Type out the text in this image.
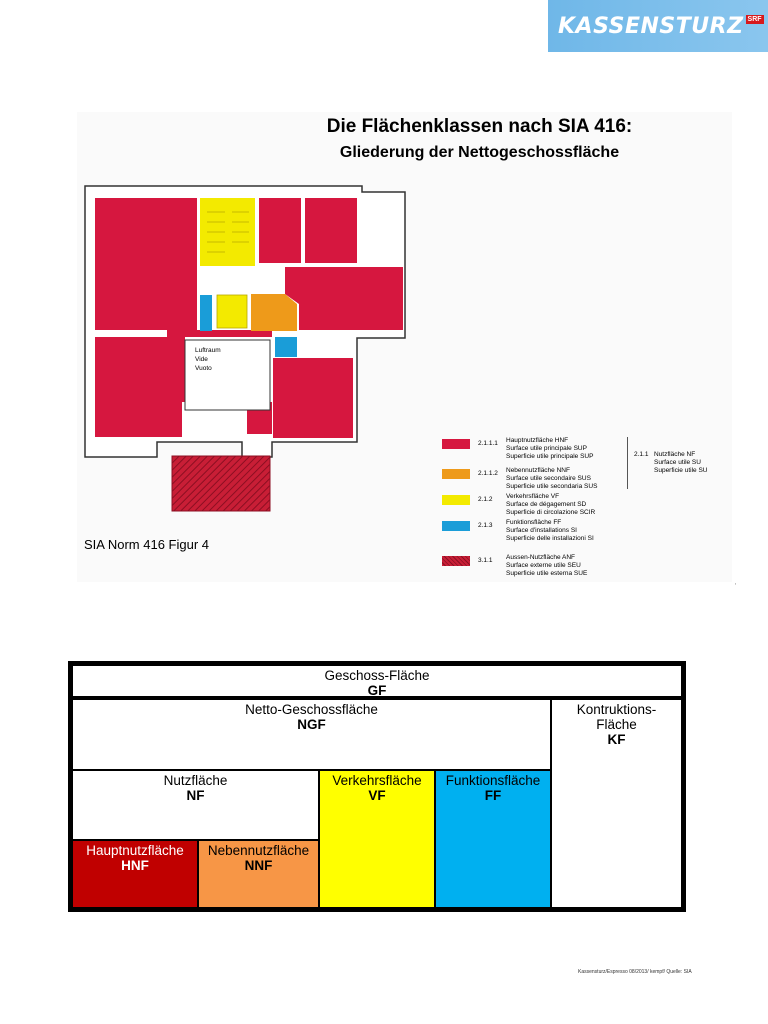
KASSENSTURZ SRF
Die Flächenklassen nach SIA 416:
Gliederung der Nettogeschossfläche
Luftraum
Vide
Vuoto
SIA Norm 416 Figur 4
2.1.1.1	Hauptnutzfläche HNF
Surface utile principale SUP
Superficie utile principale SUP
2.1.1.2	Nebennutzfläche NNF
Surface utile secondaire SUS
Superficie utile secondaria SUS
2.1.2	Verkehrsfläche VF
Surface de dégagement SD
Superficie di circolazione SCIR
2.1.3	Funktionsfläche FF
Surface d'installations SI
Superficie delle installazioni SI
3.1.1	Aussen-Nutzfläche ANF
Surface externe utile SEU
Superficie utile esterna SUE
2.1.1 Nutzfläche NF
Surface utile SU
Superficie utile SU
‚
Geschoss-Fläche
GF
Netto-Geschossfläche
NGF
Kontruktions-
Fläche
KF
Nutzfläche
NF
Verkehrsfläche
VF
Funktionsfläche
FF
Hauptnutzfläche
HNF
Nebennutzfläche
NNF
Kassensturz/Espresso 08/2013/ kempf/ Quelle: SIA
